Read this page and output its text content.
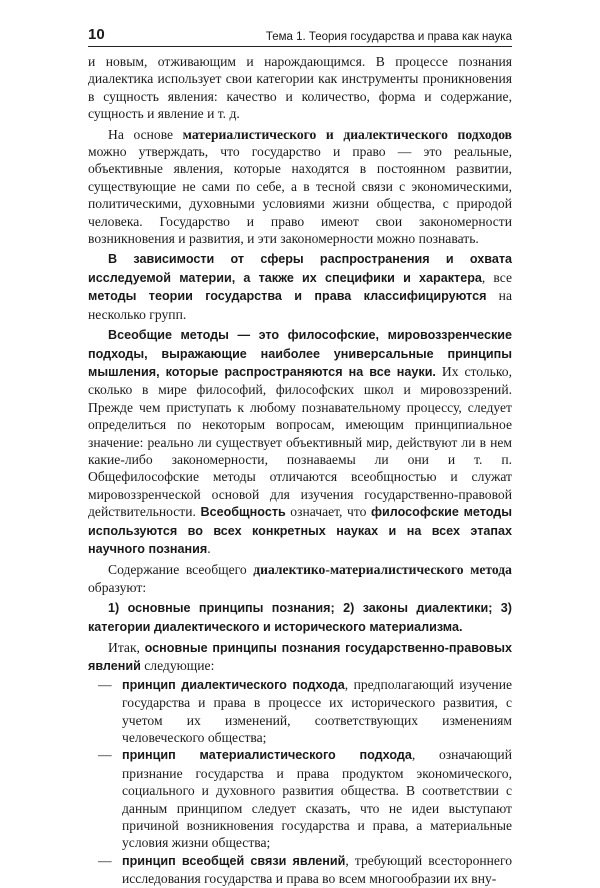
10	Тема 1. Теория государства и права как наука

и новым, отживающим и нарождающимся. В процессе познания диалектика использует свои категории как инструменты проникновения в сущность явления: качество и количество, форма и содержание, сущность и явление и т. д.

На основе материалистического и диалектического подходов можно утверждать, что государство и право — это реальные, объективные явления, которые находятся в постоянном развитии, существующие не сами по себе, а в тесной связи с экономическими, политическими, духовными условиями жизни общества, с природой человека. Государство и право имеют свои закономерности возникновения и развития, и эти закономерности можно познавать.

В зависимости от сферы распространения и охвата исследуемой материи, а также их специфики и характера, все методы теории государства и права классифицируются на несколько групп.

Всеобщие методы — это философские, мировоззренческие подходы, выражающие наиболее универсальные принципы мышления, которые распространяются на все науки. Их столько, сколько в мире философий, философских школ и мировоззрений. Прежде чем приступать к любому познавательному процессу, следует определиться по некоторым вопросам, имеющим принципиальное значение: реально ли существует объективный мир, действуют ли в нем какие-либо закономерности, познаваемы ли они и т. п. Общефилософские методы отличаются всеобщностью и служат мировоззренческой основой для изучения государственно-правовой действительности. Всеобщность означает, что философские методы используются во всех конкретных науках и на всех этапах научного познания.

Содержание всеобщего диалектико-материалистического метода образуют:

1) основные принципы познания; 2) законы диалектики; 3) категории диалектического и исторического материализма.

Итак, основные принципы познания государственно-правовых явлений следующие:

— принцип диалектического подхода, предполагающий изучение государства и права в процессе их исторического развития, с учетом их изменений, соответствующих изменениям человеческого общества;
— принцип материалистического подхода, означающий признание государства и права продуктом экономического, социального и духовного развития общества. В соответствии с данным принципом следует сказать, что не идеи выступают причиной возникновения государства и права, а материальные условия жизни общества;
— принцип всеобщей связи явлений, требующий всестороннего исследования государства и права во всем многообразии их вну-
